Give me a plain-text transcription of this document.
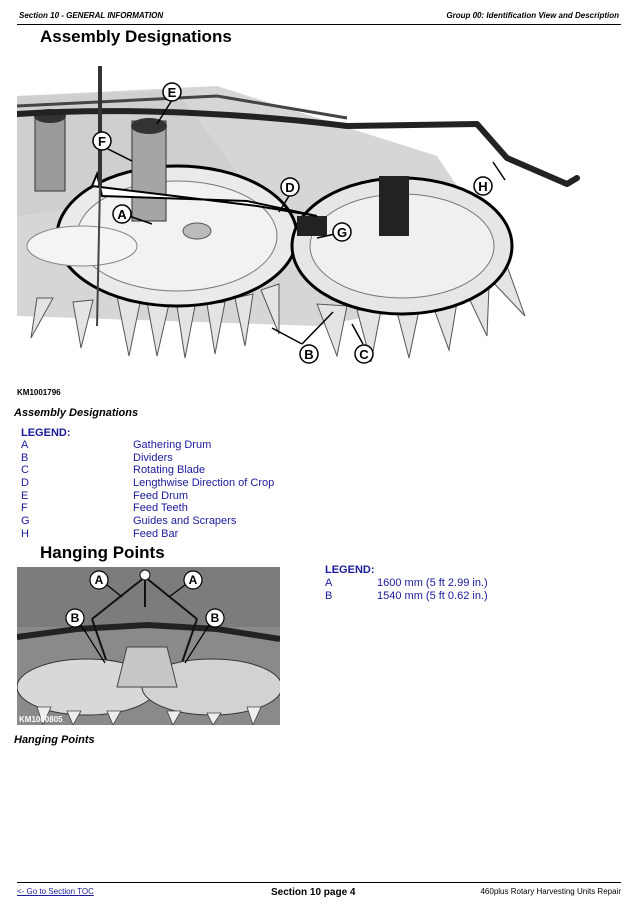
Section 10 - GENERAL INFORMATION	Group 00: Identification View and Description
Assembly Designations
E
F
A
D
G
H
B	C
KM1001796
Assembly Designations
LEGEND:
A	Gathering Drum
B	Dividers
C	Rotating Blade
D	Lengthwise Direction of Crop
E	Feed Drum
F	Feed Teeth
G	Guides and Scrapers
H	Feed Bar
Hanging Points
A	A
B	B
KM1000805
Hanging Points
LEGEND:
A	1600 mm (5 ft 2.99 in.)
B	1540 mm (5 ft 0.62 in.)
<- Go to Section TOC	Section 10 page 4	460plus Rotary Harvesting Units Repair
